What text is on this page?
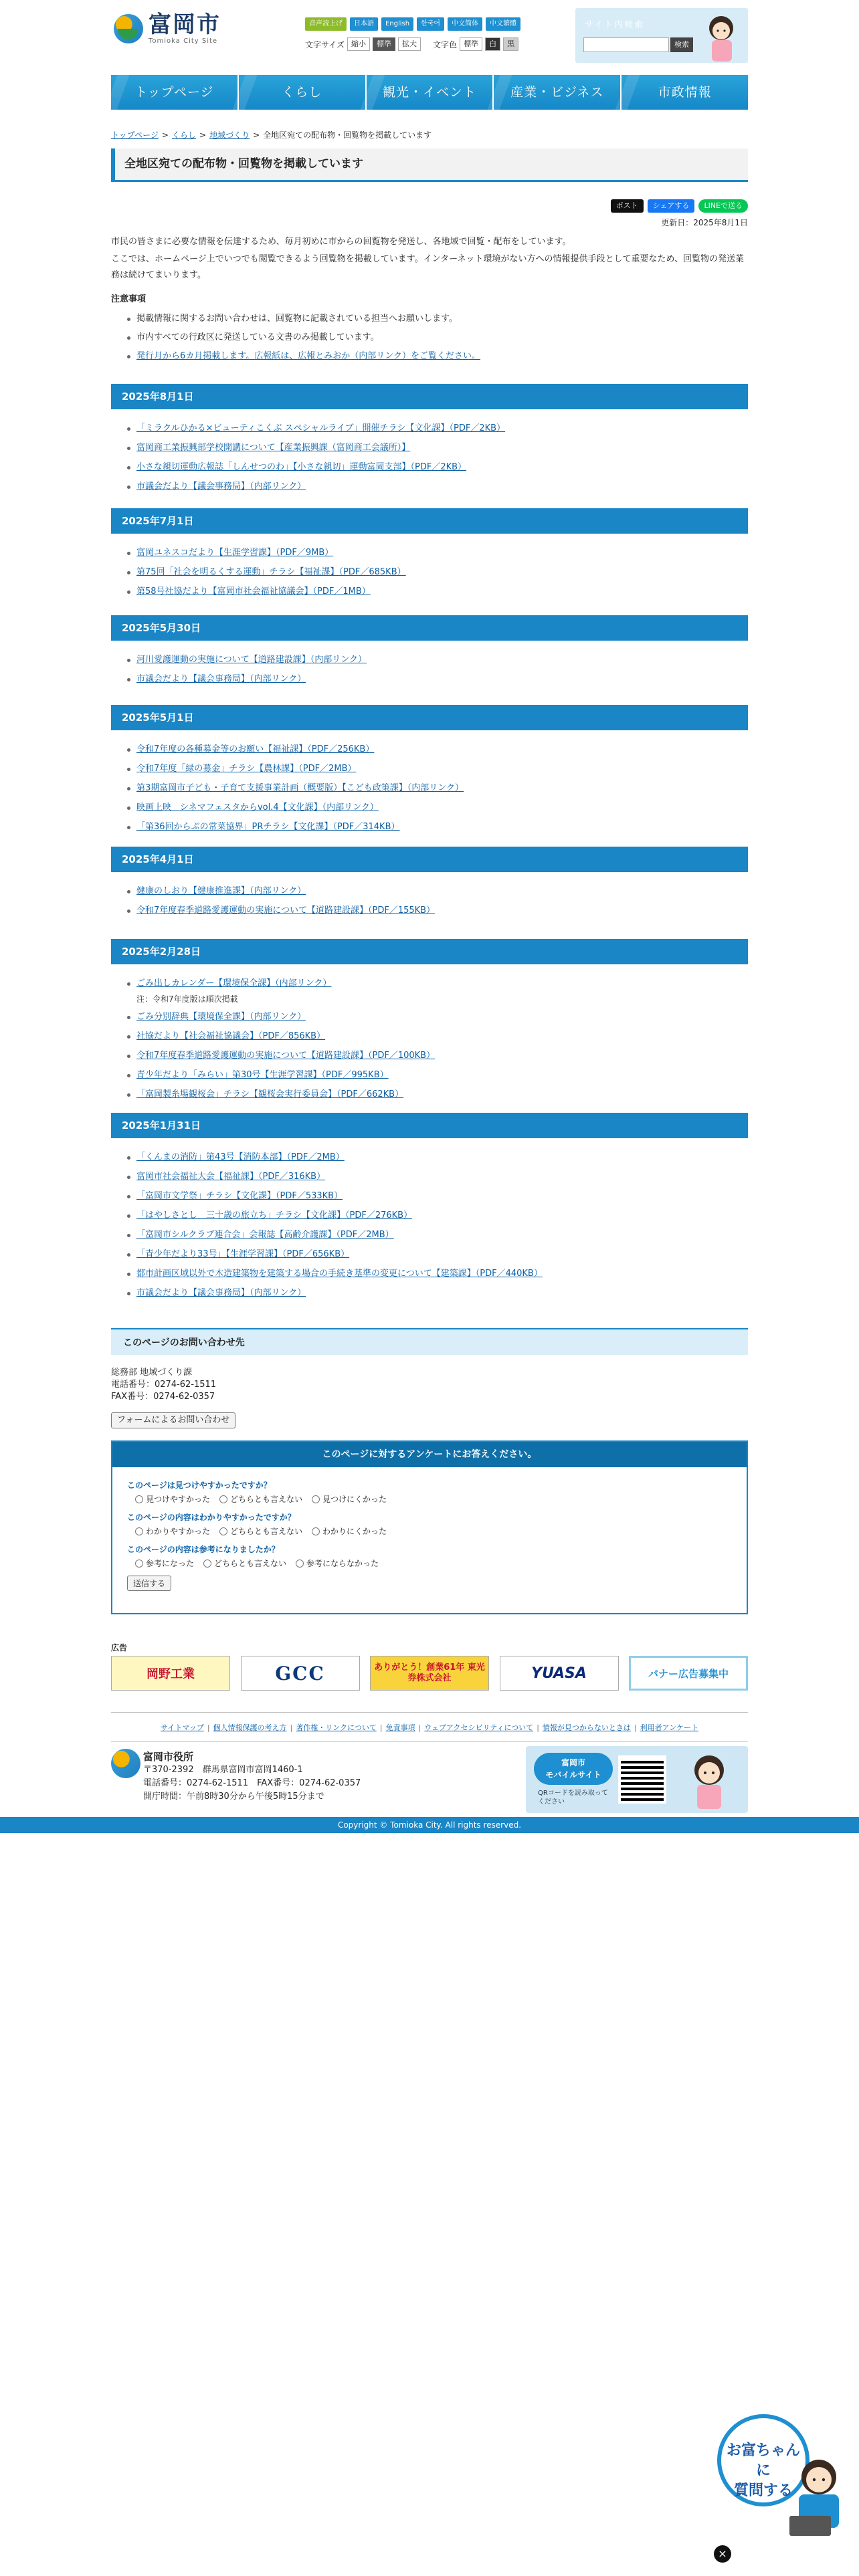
富岡市
Tomioka City Site
音声読上げ	日本語	English	한국어	中文简体	中文繁體
文字サイズ 縮小	標準	拡大	文字色 標準	白	黒
サイト内検索
検索
トップページ	くらし	観光・イベント	産業・ビジネス	市政情報
トップページ > くらし > 地域づくり > 全地区宛ての配布物・回覧物を掲載しています
全地区宛ての配布物・回覧物を掲載しています
ポスト	シェアする	LINEで送る
更新日：2025年8月1日

市民の皆さまに必要な情報を伝達するため、毎月初めに市からの回覧物を発送し、各地域で回覧・配布をしています。

ここでは、ホームページ上でいつでも閲覧できるよう回覧物を掲載しています。インターネット環境がない方への情報提供手段として重要なため、回覧物の発送業務は続けてまいります。

注意事項
掲載情報に関するお問い合わせは、回覧物に記載されている担当へお願いします。
市内すべての行政区に発送している文書のみ掲載しています。
発行月から6カ月掲載します。広報紙は、広報とみおか（内部リンク）をご覧ください。
2025年8月1日
「ミラクルひかる×ビューティこくぶ スペシャルライブ」開催チラシ【文化課】（PDF／2KB）
富岡商工業振興部学校開講について【産業振興課（富岡商工会議所）】
小さな親切運動広報誌「しんせつのわ」【小さな親切」運動富岡支部】（PDF／2KB）
市議会だより【議会事務局】（内部リンク）
2025年7月1日
富岡ユネスコだより【生涯学習課】（PDF／9MB）
第75回「社会を明るくする運動」チラシ【福祉課】（PDF／685KB）
第58号社協だより【富岡市社会福祉協議会】（PDF／1MB）
2025年5月30日
河川愛護運動の実施について【道路建設課】（内部リンク）
市議会だより【議会事務局】（内部リンク）
2025年5月1日
令和7年度の各種募金等のお願い【福祉課】（PDF／256KB）
令和7年度「緑の募金」チラシ【農林課】（PDF／2MB）
第3期富岡市子ども・子育て支援事業計画（概要版）【こども政策課】（内部リンク）
映画上映　シネマフェスタからvol.4【文化課】（内部リンク）
「第36回からぶの常菜協界」PRチラシ【文化課】（PDF／314KB）
2025年4月1日
健康のしおり【健康推進課】（内部リンク）
令和7年度春季道路愛護運動の実施について【道路建設課】（PDF／155KB）
2025年2月28日
ごみ出しカレンダー【環境保全課】（内部リンク）
注：令和7年度版は順次掲載
ごみ分別辞典【環境保全課】（内部リンク）
社協だより【社会福祉協議会】（PDF／856KB）
令和7年度春季道路愛護運動の実施について【道路建設課】（PDF／100KB）
青少年だより「みらい」第30号【生涯学習課】（PDF／995KB）
「富岡製糸場観桜会」チラシ【観桜会実行委員会】（PDF／662KB）
2025年1月31日
「くんまの消防」第43号【消防本部】（PDF／2MB）
富岡市社会福祉大会【福祉課】（PDF／316KB）
「富岡市文学祭」チラシ【文化課】（PDF／533KB）
「はやしさとし　三十歳の旅立ち」チラシ【文化課】（PDF／276KB）
「富岡市シルクラブ連合会」会報誌【高齢介護課】（PDF／2MB）
「青少年だより33号」【生涯学習課】（PDF／656KB）
都市計画区域以外で木造建築物を建築する場合の手続き基準の変更について【建築課】（PDF／440KB）
市議会だより【議会事務局】（内部リンク）
このページのお問い合わせ先
総務部 地域づくり課
電話番号：0274-62-1511
FAX番号：0274-62-0357
フォームによるお問い合わせ
このページに対するアンケートにお答えください。
このページは見つけやすかったですか？
見つけやすかった	どちらとも言えない	見つけにくかった
このページの内容はわかりやすかったですか？
わかりやすかった	どちらとも言えない	わかりにくかった
このページの内容は参考になりましたか？
参考になった	どちらとも言えない	参考にならなかった
送信する
広告
岡野工業	GCC	ありがとう！創業61年 東光券株式会社	YUASA	バナー広告募集中
サイトマップ | 個人情報保護の考え方 | 著作権・リンクについて | 免責事項 | ウェブアクセシビリティについて | 情報が見つからないときは | 利用者アンケート
富岡市役所
〒370-2392　群馬県富岡市富岡1460-1
電話番号：0274-62-1511　FAX番号：0274-62-0357
開庁時間：午前8時30分から午後5時15分まで
富岡市
モバイルサイト
QRコードを読み取って
ください
Copyright © Tomioka City. All rights reserved.
お富ちゃんに
質問する
×
